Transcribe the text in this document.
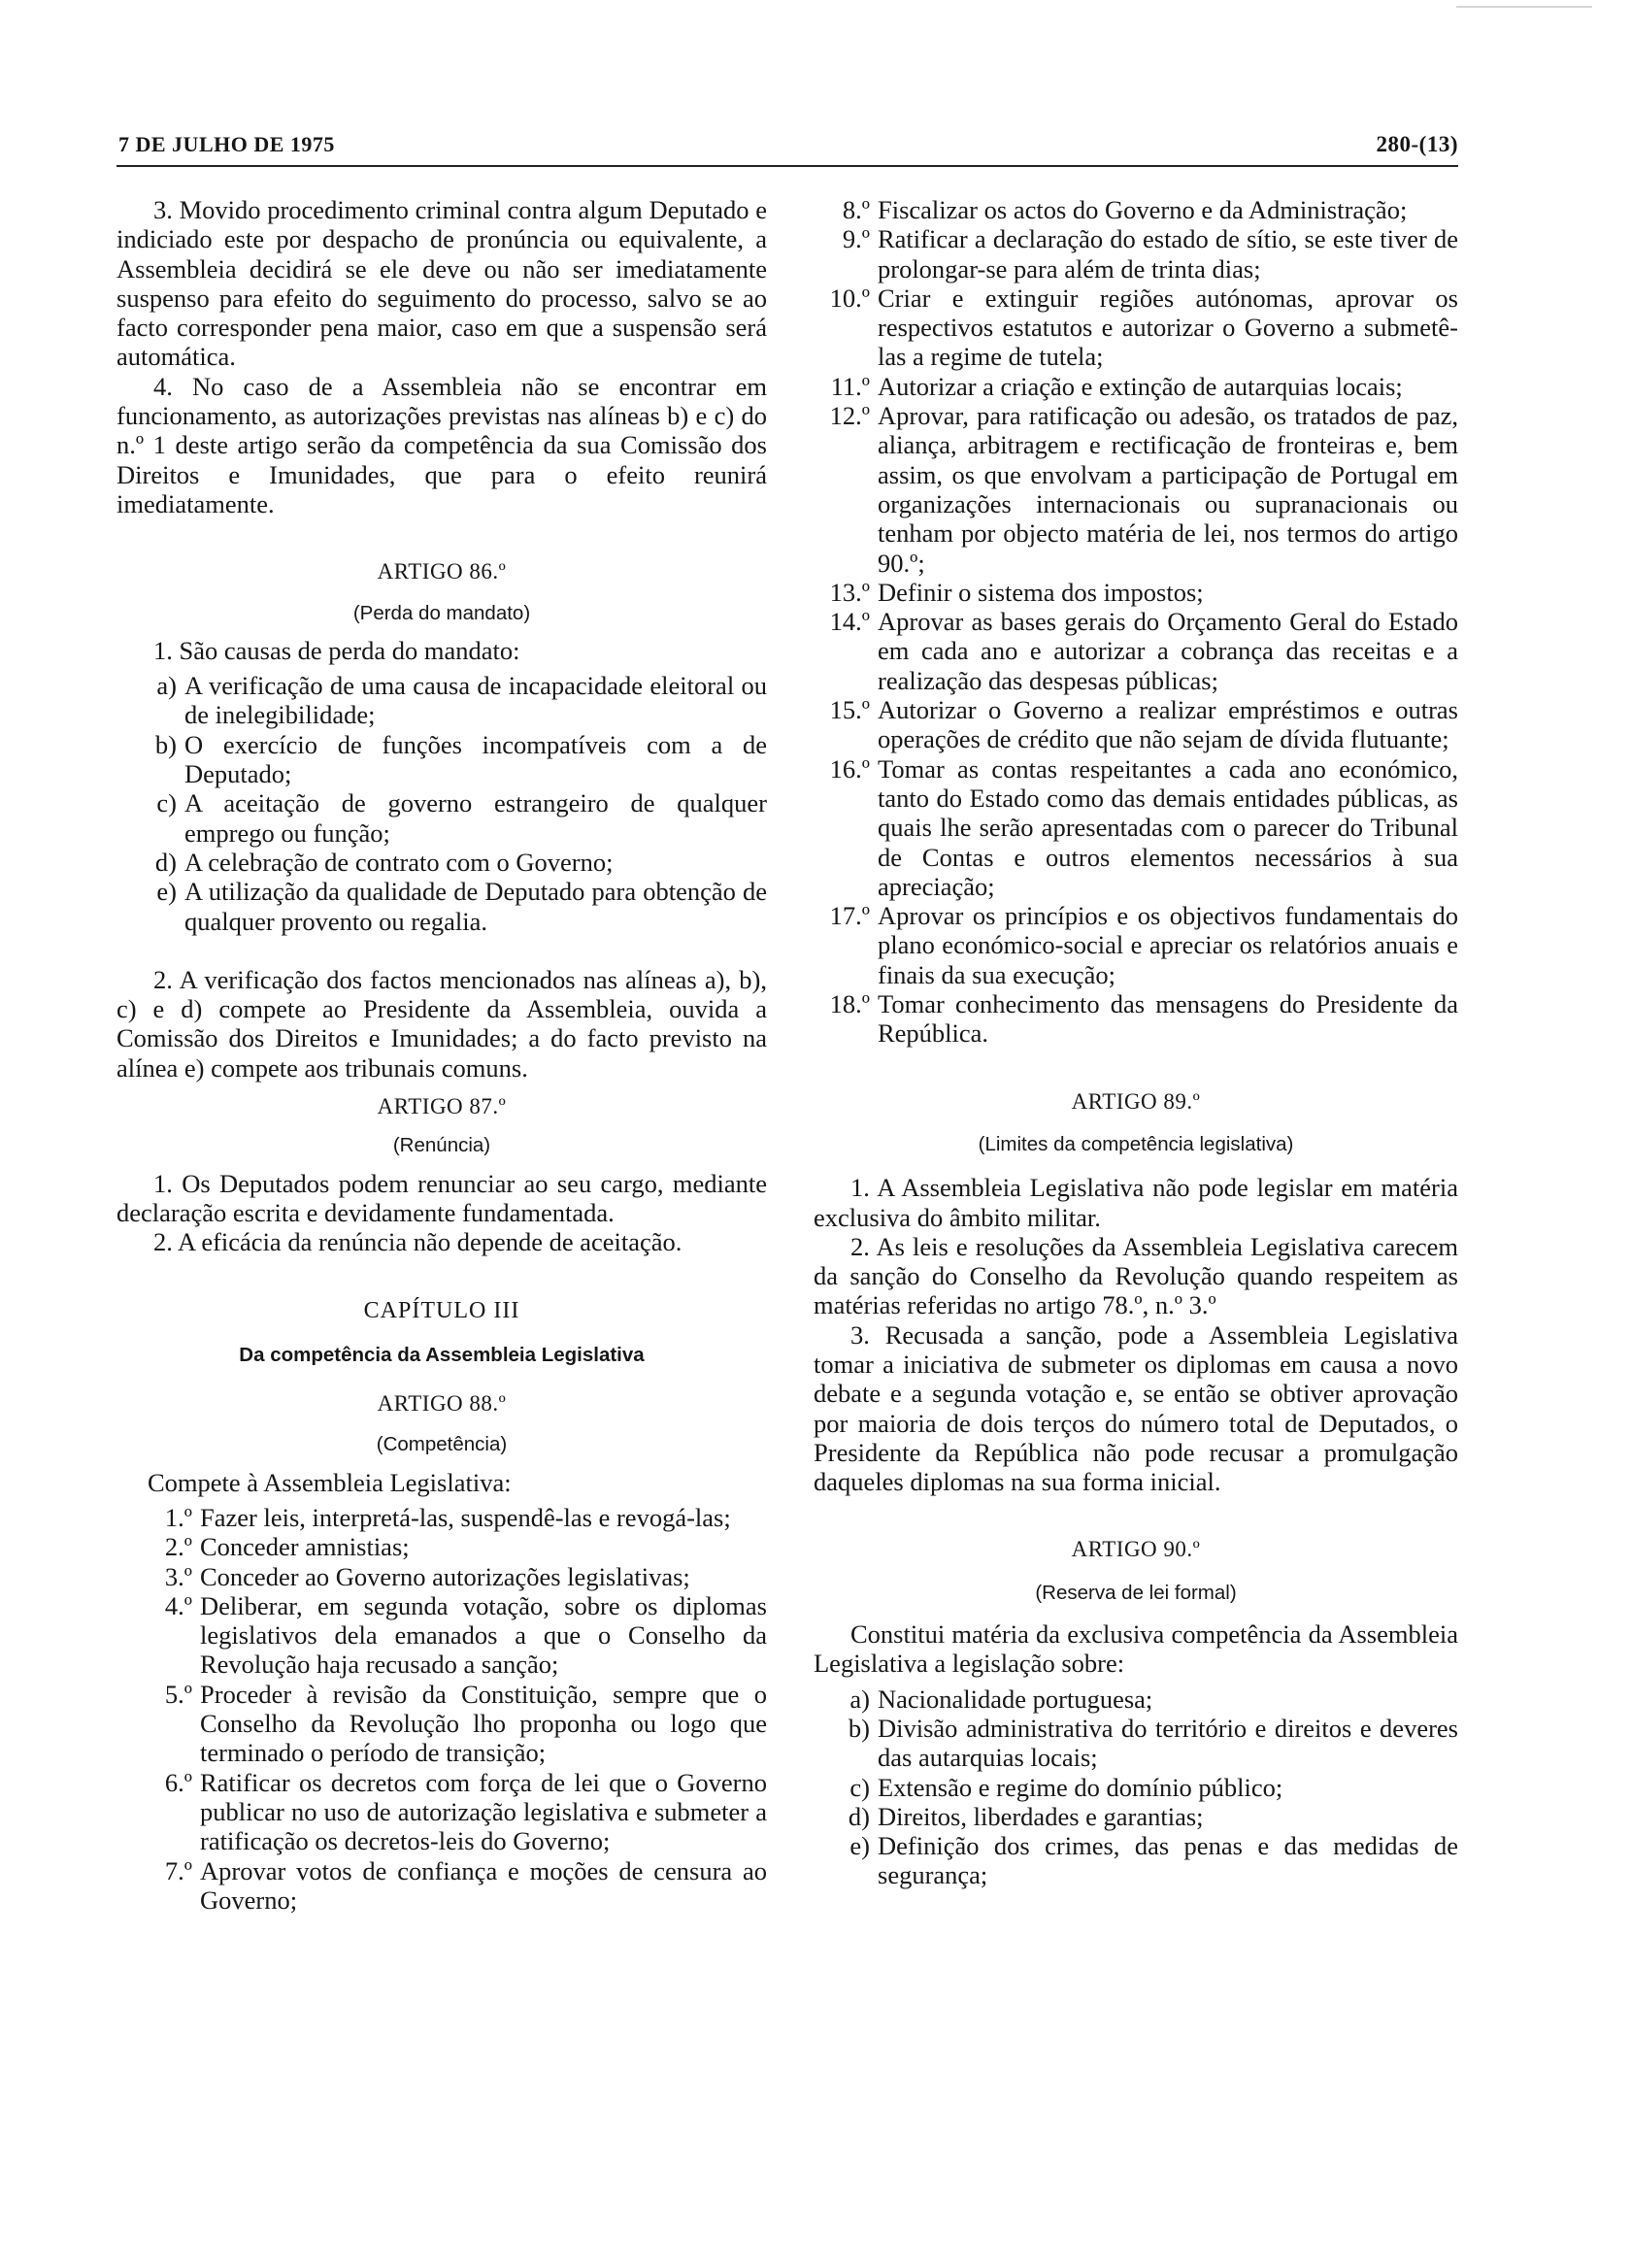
7 DE JULHO DE 1975	280-(13)

3. Movido procedimento criminal contra algum Deputado e indiciado este por despacho de pronúncia ou equivalente, a Assembleia decidirá se ele deve ou não ser imediatamente suspenso para efeito do seguimento do processo, salvo se ao facto corresponder pena maior, caso em que a suspensão será automática.

4. No caso de a Assembleia não se encontrar em funcionamento, as autorizações previstas nas alíneas b) e c) do n.º 1 deste artigo serão da competência da sua Comissão dos Direitos e Imunidades, que para o efeito reunirá imediatamente.

ARTIGO 86.º

(Perda do mandato)

1. São causas de perda do mandato:

a) A verificação de uma causa de incapacidade eleitoral ou de inelegibilidade;
b) O exercício de funções incompatíveis com a de Deputado;
c) A aceitação de governo estrangeiro de qualquer emprego ou função;
d) A celebração de contrato com o Governo;
e) A utilização da qualidade de Deputado para obtenção de qualquer provento ou regalia.

2. A verificação dos factos mencionados nas alíneas a), b), c) e d) compete ao Presidente da Assembleia, ouvida a Comissão dos Direitos e Imunidades; a do facto previsto na alínea e) compete aos tribunais comuns.

ARTIGO 87.º

(Renúncia)

1. Os Deputados podem renunciar ao seu cargo, mediante declaração escrita e devidamente fundamentada.

2. A eficácia da renúncia não depende de aceitação.

CAPÍTULO III

Da competência da Assembleia Legislativa

ARTIGO 88.º

(Competência)

Compete à Assembleia Legislativa:

1.º Fazer leis, interpretá-las, suspendê-las e revogá-las;
2.º Conceder amnistias;
3.º Conceder ao Governo autorizações legislativas;
4.º Deliberar, em segunda votação, sobre os diplomas legislativos dela emanados a que o Conselho da Revolução haja recusado a sanção;
5.º Proceder à revisão da Constituição, sempre que o Conselho da Revolução lho proponha ou logo que terminado o período de transição;
6.º Ratificar os decretos com força de lei que o Governo publicar no uso de autorização legislativa e submeter a ratificação os decretos-leis do Governo;
7.º Aprovar votos de confiança e moções de censura ao Governo;
8.º Fiscalizar os actos do Governo e da Administração;
9.º Ratificar a declaração do estado de sítio, se este tiver de prolongar-se para além de trinta dias;
10.º Criar e extinguir regiões autónomas, aprovar os respectivos estatutos e autorizar o Governo a submetê-las a regime de tutela;
11.º Autorizar a criação e extinção de autarquias locais;
12.º Aprovar, para ratificação ou adesão, os tratados de paz, aliança, arbitragem e rectificação de fronteiras e, bem assim, os que envolvam a participação de Portugal em organizações internacionais ou supranacionais ou tenham por objecto matéria de lei, nos termos do artigo 90.º;
13.º Definir o sistema dos impostos;
14.º Aprovar as bases gerais do Orçamento Geral do Estado em cada ano e autorizar a cobrança das receitas e a realização das despesas públicas;
15.º Autorizar o Governo a realizar empréstimos e outras operações de crédito que não sejam de dívida flutuante;
16.º Tomar as contas respeitantes a cada ano económico, tanto do Estado como das demais entidades públicas, as quais lhe serão apresentadas com o parecer do Tribunal de Contas e outros elementos necessários à sua apreciação;
17.º Aprovar os princípios e os objectivos fundamentais do plano económico-social e apreciar os relatórios anuais e finais da sua execução;
18.º Tomar conhecimento das mensagens do Presidente da República.

ARTIGO 89.º

(Limites da competência legislativa)

1. A Assembleia Legislativa não pode legislar em matéria exclusiva do âmbito militar.

2. As leis e resoluções da Assembleia Legislativa carecem da sanção do Conselho da Revolução quando respeitem as matérias referidas no artigo 78.º, n.º 3.º

3. Recusada a sanção, pode a Assembleia Legislativa tomar a iniciativa de submeter os diplomas em causa a novo debate e a segunda votação e, se então se obtiver aprovação por maioria de dois terços do número total de Deputados, o Presidente da República não pode recusar a promulgação daqueles diplomas na sua forma inicial.

ARTIGO 90.º

(Reserva de lei formal)

Constitui matéria da exclusiva competência da Assembleia Legislativa a legislação sobre:

a) Nacionalidade portuguesa;
b) Divisão administrativa do território e direitos e deveres das autarquias locais;
c) Extensão e regime do domínio público;
d) Direitos, liberdades e garantias;
e) Definição dos crimes, das penas e das medidas de segurança;
